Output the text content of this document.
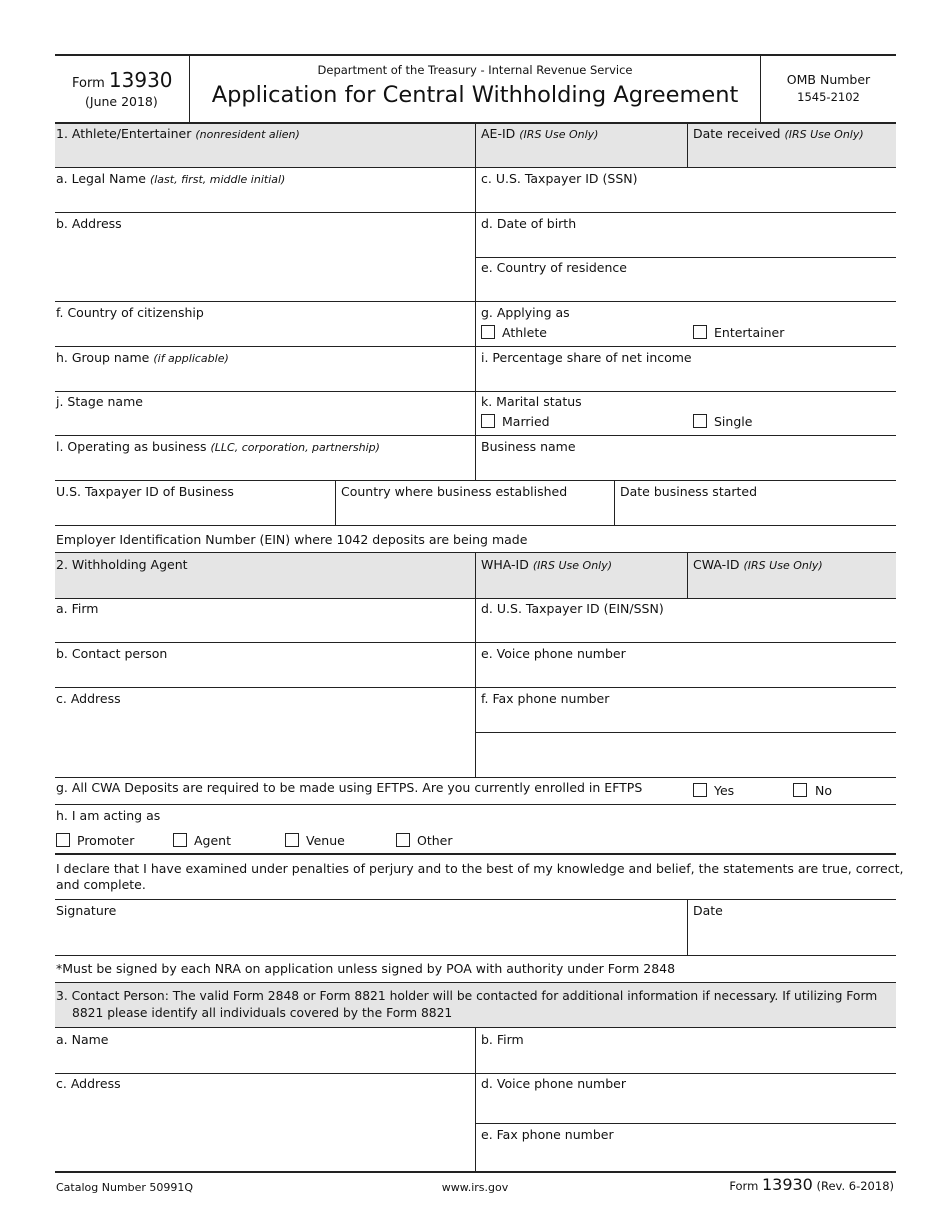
Form 13930
(June 2018)
Department of the Treasury - Internal Revenue Service
Application for Central Withholding Agreement
OMB Number
1545-2102
1. Athlete/Entertainer (nonresident alien)	AE-ID (IRS Use Only)	Date received (IRS Use Only)
a. Legal Name (last, first, middle initial)	c. U.S. Taxpayer ID (SSN)
b. Address	d. Date of birth
e. Country of residence
f. Country of citizenship	g. Applying as
Athlete	Entertainer
h. Group name (if applicable)	i. Percentage share of net income
j. Stage name	k. Marital status
Married	Single
l. Operating as business (LLC, corporation, partnership)	Business name
U.S. Taxpayer ID of Business	Country where business established	Date business started
Employer Identification Number (EIN) where 1042 deposits are being made
2. Withholding Agent	WHA-ID (IRS Use Only)	CWA-ID (IRS Use Only)
a. Firm	d. U.S. Taxpayer ID (EIN/SSN)
b. Contact person	e. Voice phone number
c. Address	f. Fax phone number
g. All CWA Deposits are required to be made using EFTPS. Are you currently enrolled in EFTPS	Yes	No
h. I am acting as
Promoter	Agent	Venue	Other
I declare that I have examined under penalties of perjury and to the best of my knowledge and belief, the statements are true, correct,
and complete.
Signature	Date
*Must be signed by each NRA on application unless signed by POA with authority under Form 2848
3. Contact Person: The valid Form 2848 or Form 8821 holder will be contacted for additional information if necessary. If utilizing Form
8821 please identify all individuals covered by the Form 8821
a. Name	b. Firm
c. Address	d. Voice phone number
e. Fax phone number
Catalog Number 50991Q	www.irs.gov	Form 13930 (Rev. 6-2018)
